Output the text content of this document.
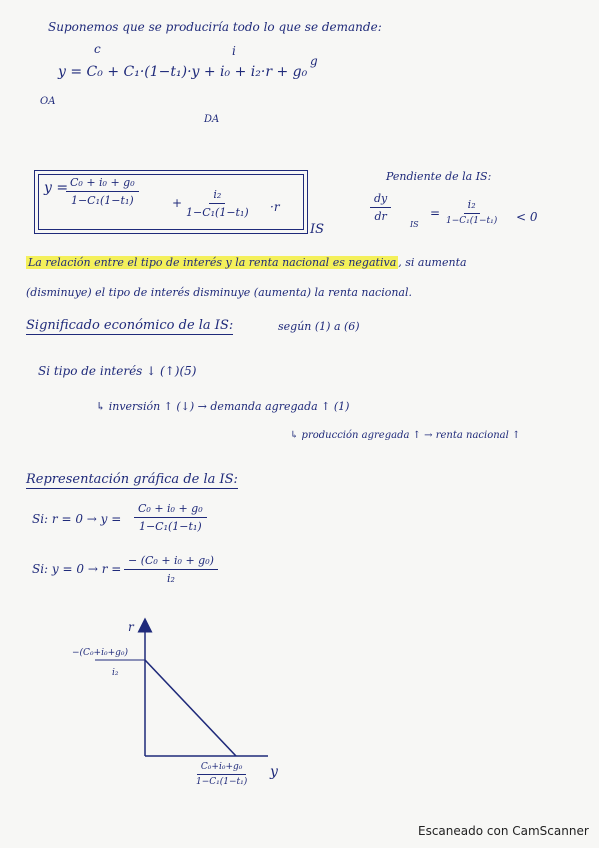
Suponemos que se produciría todo lo que se demande:
c	i
g
y = C₀ + C₁·(1−t₁)·y + i₀ + i₂·r + g₀
OA
DA
y =
$\frac{\text{C₀ + i₀ + g₀}}{\text{1−C₁(1−t₁)}}$	+ $\frac{\text{i₂}}{\text{1−C₁(1−t₁)}} \cdot r$
IS
Pendiente de la IS:
$\frac{dy}{dr}$
IS
=
i₂
1−C₁(1−t₁) < 0
La relación entre el tipo de interés y la renta nacional es negativa , si aumenta
(disminuye) el tipo de interés disminuye (aumenta) la renta nacional.
Significado económico de la IS:	según (1) a (6)
Si tipo de interés ↓ (↑)(5)
↳ inversión ↑ (↓) → demanda agregada ↑ (1)
↳ producción agregada ↑ → renta nacional ↑
Representación gráfica de la IS:
Si: $r = 0 \to y = \frac{\text{C₀ + i₀ + g₀}}{\text{1−C₁(1−t₁)}}$
Si: $y = 0 \to r = \frac{\text{− (C₀ + i₀ + g₀)}}{\text{i₂}}$
r
y
−(C₀+i₀+g₀)
i₂
$\frac{\text{C₀+i₀+g₀}}{\text{1−C₁(1−t₁)}}$
Escaneado con CamScanner
